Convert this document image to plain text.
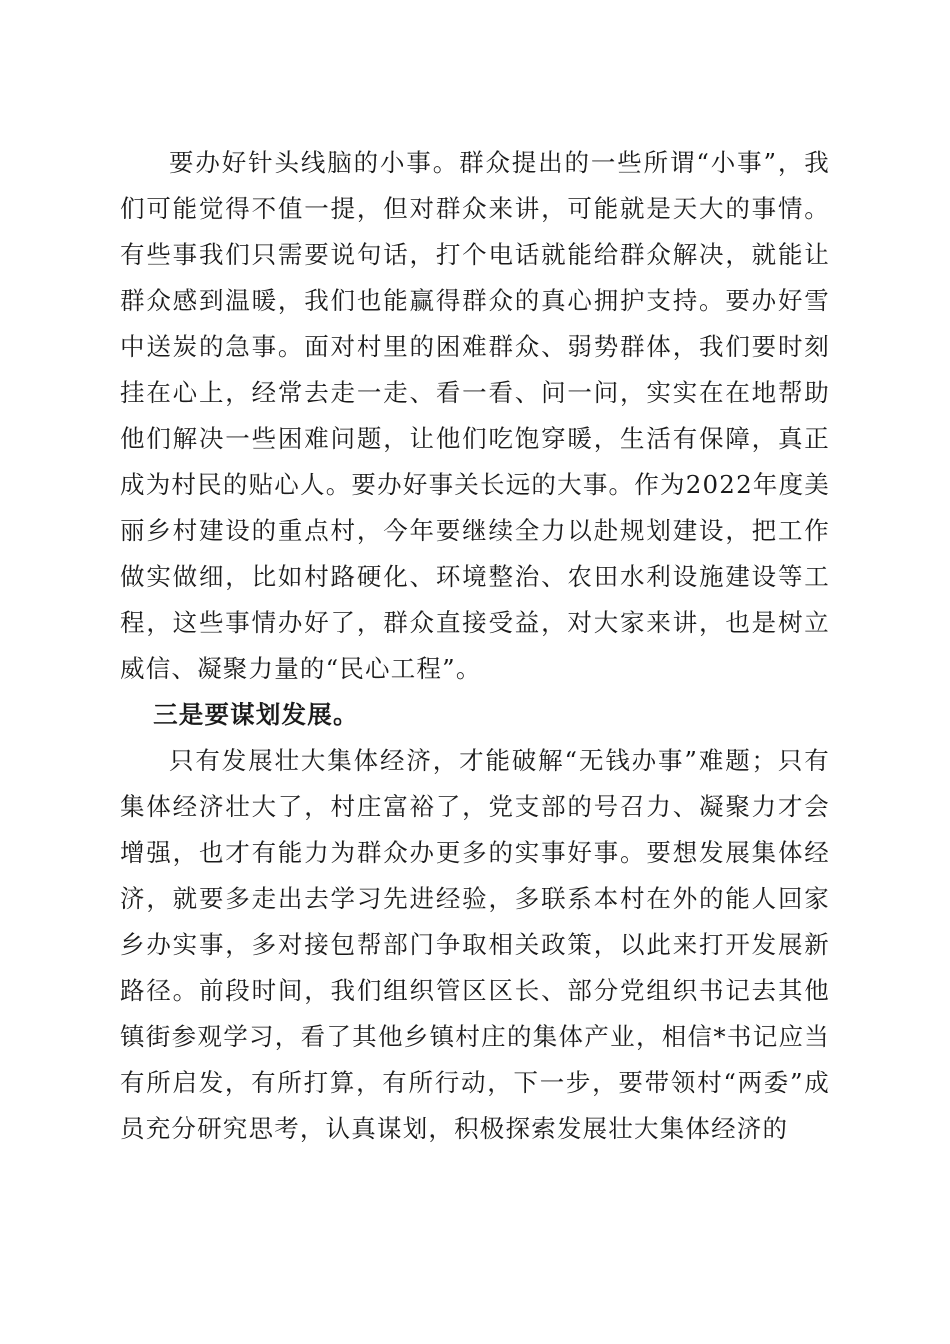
要办好针头线脑的小事。群众提出的一些所谓“小事”，我们可能觉得不值一提，但对群众来讲，可能就是天大的事情。有些事我们只需要说句话，打个电话就能给群众解决，就能让群众感到温暖，我们也能赢得群众的真心拥护支持。要办好雪中送炭的急事。面对村里的困难群众、弱势群体，我们要时刻挂在心上，经常去走一走、看一看、问一问，实实在在地帮助他们解决一些困难问题，让他们吃饱穿暖，生活有保障，真正成为村民的贴心人。要办好事关长远的大事。作为2022年度美丽乡村建设的重点村，今年要继续全力以赴规划建设，把工作做实做细，比如村路硬化、环境整治、农田水利设施建设等工程，这些事情办好了，群众直接受益，对大家来讲，也是树立威信、凝聚力量的“民心工程”。

三是要谋划发展。

只有发展壮大集体经济，才能破解“无钱办事”难题；只有集体经济壮大了，村庄富裕了，党支部的号召力、凝聚力才会增强，也才有能力为群众办更多的实事好事。要想发展集体经济，就要多走出去学习先进经验，多联系本村在外的能人回家乡办实事，多对接包帮部门争取相关政策，以此来打开发展新路径。前段时间，我们组织管区区长、部分党组织书记去其他镇街参观学习，看了其他乡镇村庄的集体产业，相信*书记应当有所启发，有所打算，有所行动，下一步，要带领村“两委”成员充分研究思考，认真谋划，积极探索发展壮大集体经济的
